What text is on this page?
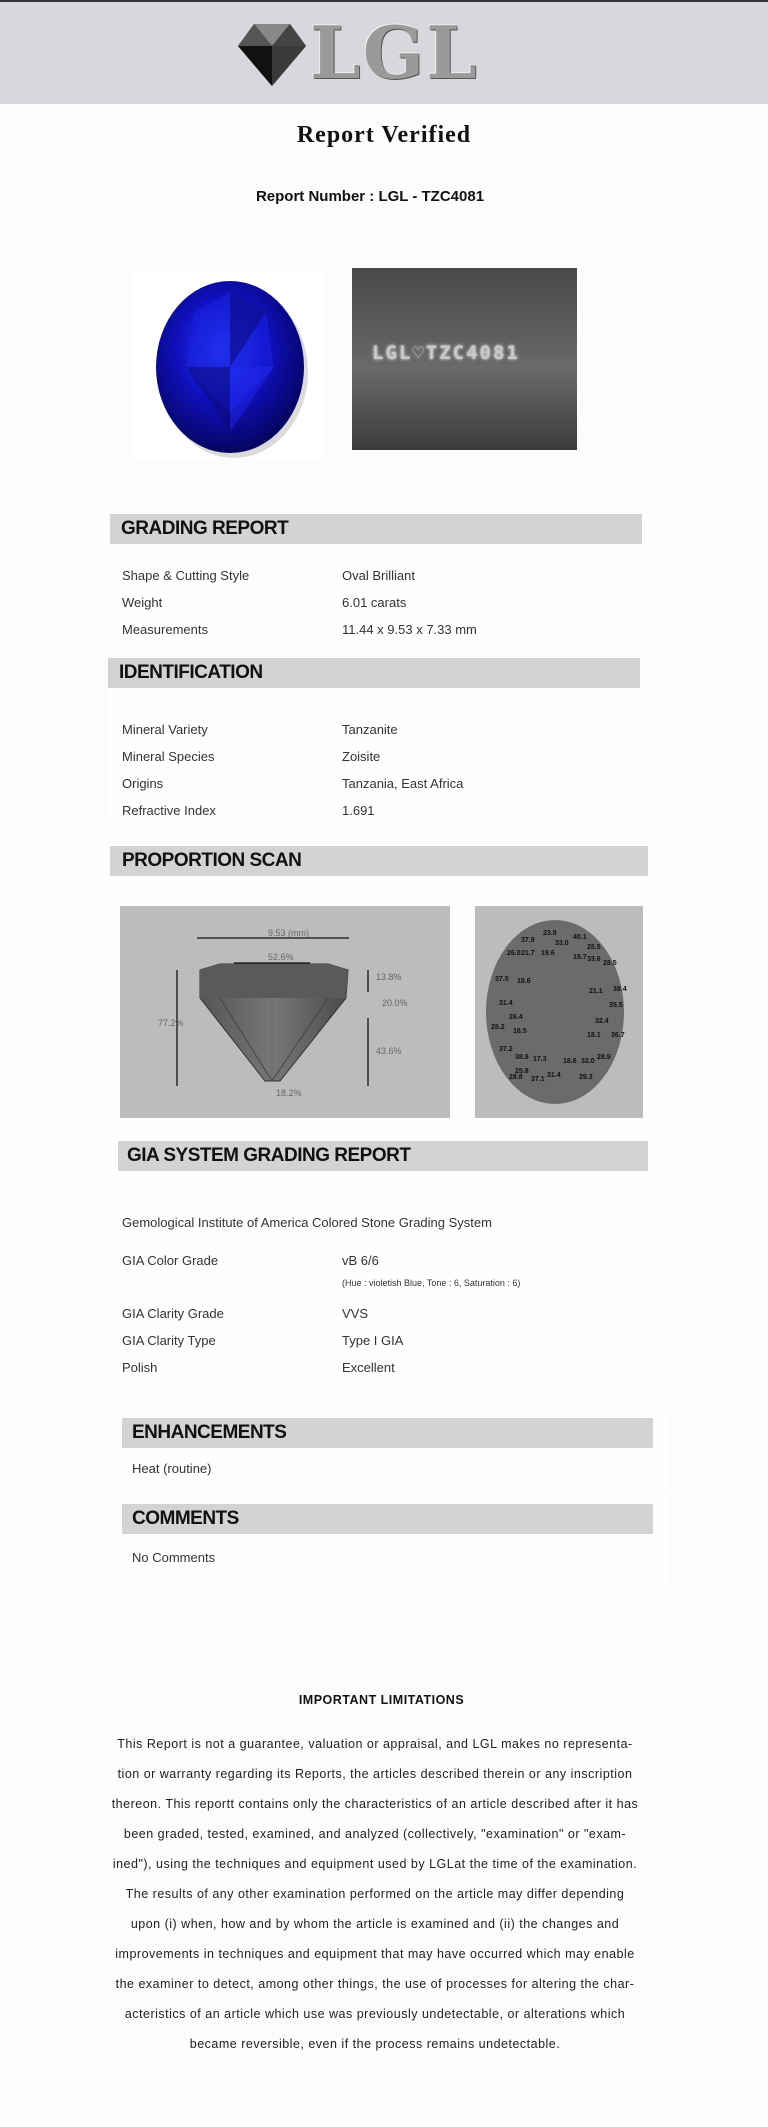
LGL
Report Verified
Report Number : LGL - TZC4081
LGL♡TZC4081
GRADING REPORT
Shape & Cutting Style	Oval Brilliant
Weight	6.01 carats
Measurements	11.44 x 9.53 x 7.33 mm
IDENTIFICATION
Mineral Variety	Tanzanite
Mineral Species	Zoisite
Origins	Tanzania, East Africa
Refractive Index	1.691
PROPORTION SCAN
9.53 (mm)
52.6%
77.2%
13.8%
20.0%
43.6%
18.2%
23.8
40.1
37.9	33.0
28.5
26.0 21.7 19.6
19.7 33.6
28.5
37.5 18.6
21.1 38.4
31.4	35.5
26.4
32.4
28.2
18.5
18.1 36.7
37.2
38.9 17.3 18.6 32.0
28.9
25.8
31.4
37.1
28.8	29.3
GIA SYSTEM GRADING REPORT
Gemological Institute of America Colored Stone Grading System
GIA Color Grade	vB 6/6
(Hue : violetish Blue, Tone : 6, Saturation : 6)
GIA Clarity Grade	VVS
GIA Clarity Type	Type I GIA
Polish	Excellent
ENHANCEMENTS
Heat (routine)
COMMENTS
No Comments
IMPORTANT LIMITATIONS
This Report is not a guarantee, valuation or appraisal, and LGL makes no representa-
tion or warranty regarding its Reports, the articles described therein or any inscription
thereon. This reportt contains only the characteristics of an article described after it has
been graded, tested, examined, and analyzed (collectively, "examination" or "exam-
ined"), using the techniques and equipment used by LGLat the time of the examination.
The results of any other examination performed on the article may differ depending
upon (i) when, how and by whom the article is examined and (ii) the changes and
improvements in techniques and equipment that may have occurred which may enable
the examiner to detect, among other things, the use of processes for altering the char-
acteristics of an article which use was previously undetectable, or alterations which
became reversible, even if the process remains undetectable.
